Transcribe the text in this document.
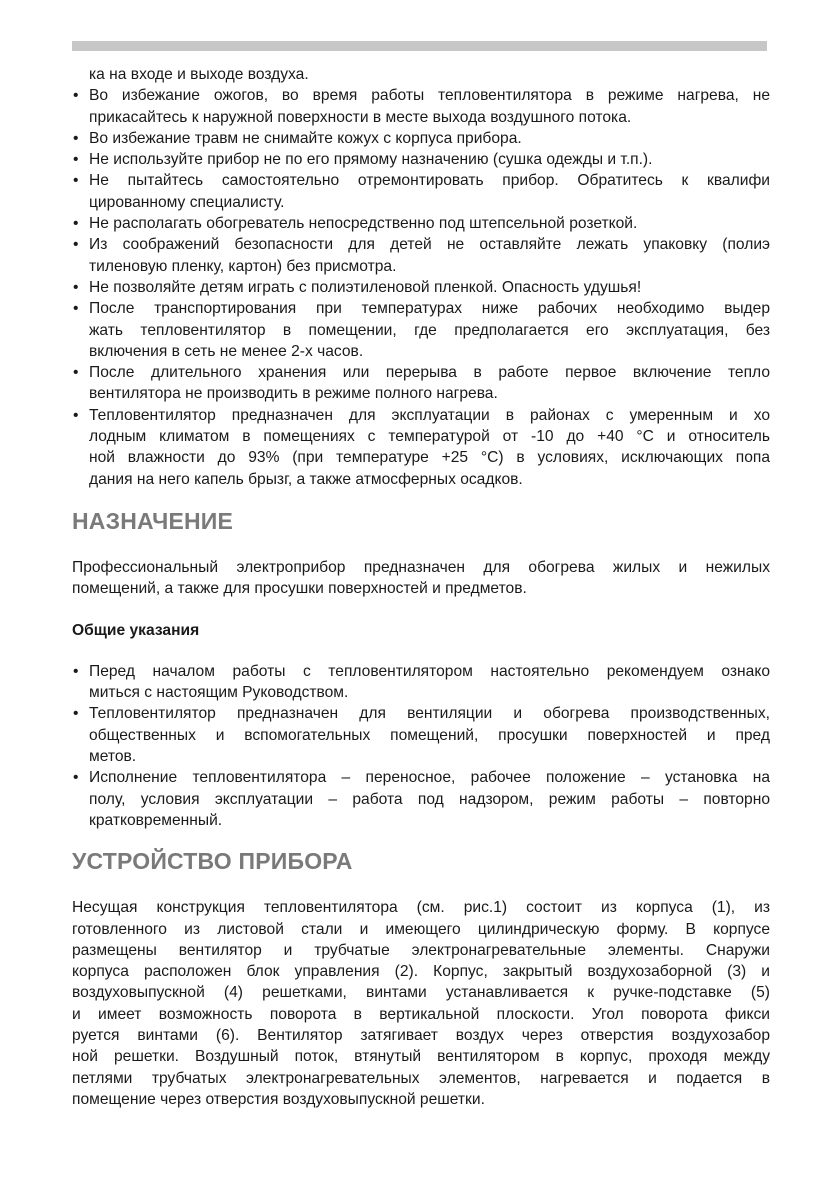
ка на входе и выходе воздуха.
• Во избежание ожогов, во время работы тепловентилятора в режиме нагрева, не
прикасайтесь к наружной поверхности в месте выхода воздушного потока.
• Во избежание травм не снимайте кожух с корпуса прибора.
• Не используйте прибор не по его прямому назначению (сушка одежды и т.п.).
• Не пытайтесь самостоятельно отремонтировать прибор. Обратитесь к квалифи
цированному специалисту.
• Не располагать обогреватель непосредственно под штепсельной розеткой.
• Из соображений безопасности для детей не оставляйте лежать упаковку (полиэ
тиленовую пленку, картон) без присмотра.
• Не позволяйте детям играть с полиэтиленовой пленкой. Опасность удушья!
• После транспортирования при температурах ниже рабочих необходимо выдер
жать тепловентилятор в помещении, где предполагается его эксплуатация, без
включения в сеть не менее 2-х часов.
• После длительного хранения или перерыва в работе первое включение тепло
вентилятора не производить в режиме полного нагрева.
• Тепловентилятор предназначен для эксплуатации в районах с умеренным и хо
лодным климатом в помещениях с температурой от -10 до +40 °С и относитель
ной влажности до 93% (при температуре +25 °С) в условиях, исключающих попа
дания на него капель брызг, а также атмосферных осадков.
НАЗНАЧЕНИЕ
Профессиональный электроприбор предназначен для обогрева жилых и нежилых
помещений, а также для просушки поверхностей и предметов.
Общие указания
• Перед началом работы с тепловентилятором настоятельно рекомендуем ознако
миться с настоящим Руководством.
• Тепловентилятор предназначен для вентиляции и обогрева производственных,
общественных и вспомогательных помещений, просушки поверхностей и пред
метов.
• Исполнение тепловентилятора – переносное, рабочее положение – установка на
полу, условия эксплуатации – работа под надзором, режим работы – повторно
кратковременный.
УСТРОЙСТВО ПРИБОРА
Несущая конструкция тепловентилятора (см. рис.1) состоит из корпуса (1), из
готовленного из листовой стали и имеющего цилиндрическую форму. В корпусе
размещены вентилятор и трубчатые электронагревательные элементы. Снаружи
корпуса расположен блок управления (2). Корпус, закрытый воздухозаборной (3) и
воздуховыпускной (4) решетками, винтами устанавливается к ручке-подставке (5)
и имеет возможность поворота в вертикальной плоскости. Угол поворота фикси
руется винтами (6). Вентилятор затягивает воздух через отверстия воздухозабор
ной решетки. Воздушный поток, втянутый вентилятором в корпус, проходя между
петлями трубчатых электронагревательных элементов, нагревается и подается в
помещение через отверстия воздуховыпускной решетки.
